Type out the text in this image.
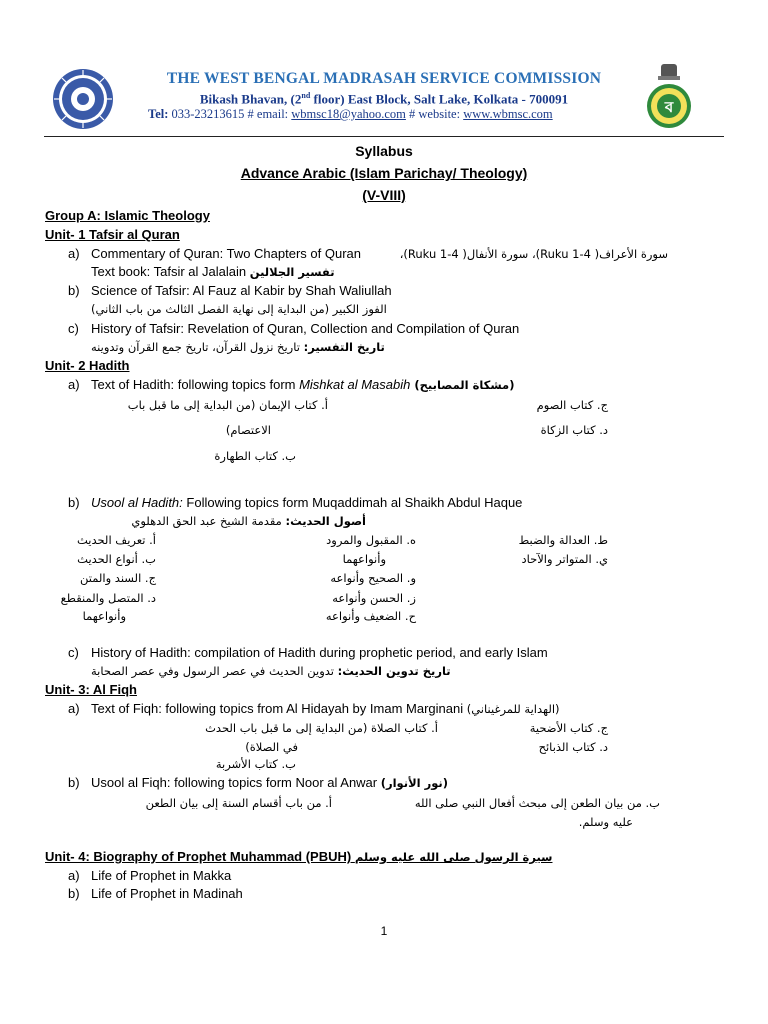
THE WEST BENGAL MADRASAH SERVICE COMMISSION
Bikash Bhavan, (2nd floor) East Block, Salt Lake, Kolkata - 700091
Tel: 033-23213615 # email: wbmsc18@yahoo.com # website: www.wbmsc.com	ব
Syllabus
Advance Arabic (Islam Parichay/ Theology)
(V-VIII)
Group A: Islamic Theology
Unit- 1 Tafsir al Quran
a) Commentary of Quran: Two Chapters of Quran	سورة الأعراف( Ruku 1-4)، سورة الأنفال( Ruku 1-4)،
Text book: Tafsir al Jalalain تفسير الجلالين
b) Science of Tafsir: Al Fauz al Kabir by Shah Waliullah
الفوز الكبير (من البداية إلى نهاية الفصل الثالث من باب الثاني)
c) History of Tafsir: Revelation of Quran, Collection and Compilation of Quran
تاريخ التفسير: تاريخ نزول القرآن، تاريخ جمع القرآن وتدوينه
Unit- 2 Hadith
a) Text of Hadith: following topics form Mishkat al Masabih (مشكاة المصابيح)
أ. كتاب الإيمان (من البداية إلى ما قبل باب
الاعتصام)
ب. كتاب الطهارة
ج. كتاب الصوم
د. كتاب الزكاة
b) Usool al Hadith: Following topics form Muqaddimah al Shaikh Abdul Haque
أصول الحديث: مقدمة الشيخ عبد الحق الدهلوي
أ. تعريف الحديث
ب. أنواع الحديث
ج. السند والمتن
د. المتصل والمنقطع
وأنواعهما
ه. المقبول والمرود
وأنواعهما
و. الصحيح وأنواعه
ز. الحسن وأنواعه
ح. الضعيف وأنواعه
ط. العدالة والضبط
ي. المتواتر والآحاد
c) History of Hadith: compilation of Hadith during prophetic period, and early Islam
تاريخ تدوين الحديث: تدوين الحديث في عصر الرسول وفي عصر الصحابة
Unit- 3: Al Fiqh
a) Text of Fiqh: following topics from Al Hidayah by Imam Marginani (الهداية للمرغيناني)
أ. كتاب الصلاة (من البداية إلى ما قبل باب الحدث
في الصلاة)
ب. كتاب الأشربة
ج. كتاب الأضحية
د. كتاب الذبائح
b) Usool al Fiqh: following topics form Noor al Anwar (نور الأنوار)
أ. من باب أقسام السنة إلى بيان الطعن	ب. من بيان الطعن إلى مبحث أفعال النبي صلى الله
عليه وسلم.
Unit- 4: Biography of Prophet Muhammad (PBUH) سيرة الرسول صلى الله عليه وسلم
a) Life of Prophet in Makka
b) Life of Prophet in Madinah
1
